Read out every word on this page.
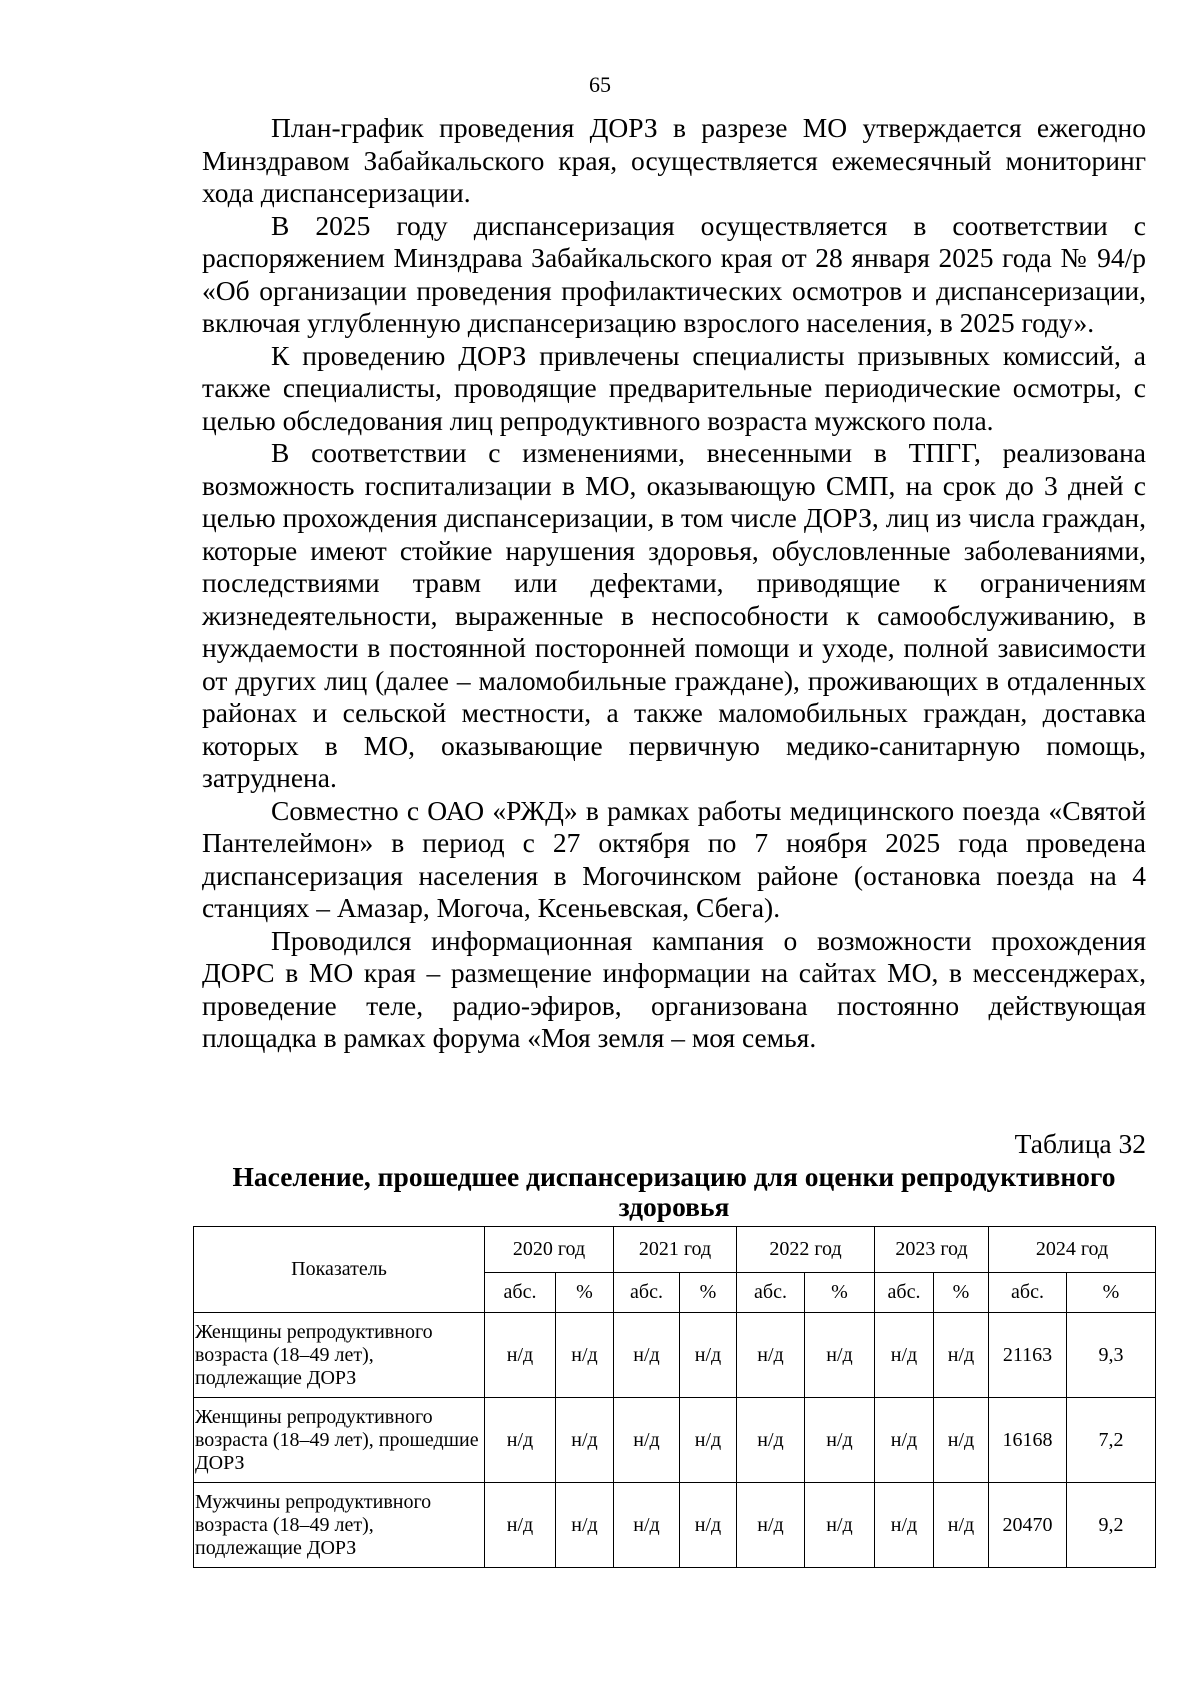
65

План-график проведения ДОРЗ в разрезе МО утверждается ежегодно Минздравом Забайкальского края, осуществляется ежемесячный мониторинг хода диспансеризации.

В 2025 году диспансеризация осуществляется в соответствии с распоряжением Минздрава Забайкальского края от 28 января 2025 года № 94/р «Об организации проведения профилактических осмотров и диспансеризации, включая углубленную диспансеризацию взрослого населения, в 2025 году».

К проведению ДОРЗ привлечены специалисты призывных комиссий, а также специалисты, проводящие предварительные периодические осмотры, с целью обследования лиц репродуктивного возраста мужского пола.

В соответствии с изменениями, внесенными в ТПГГ, реализована возможность госпитализации в МО, оказывающую СМП, на срок до 3 дней с целью прохождения диспансеризации, в том числе ДОРЗ, лиц из числа граждан, которые имеют стойкие нарушения здоровья, обусловленные заболеваниями, последствиями травм или дефектами, приводящие к ограничениям жизнедеятельности, выраженные в неспособности к самообслуживанию, в нуждаемости в постоянной посторонней помощи и уходе, полной зависимости от других лиц (далее – маломобильные граждане), проживающих в отдаленных районах и сельской местности, а также маломобильных граждан, доставка которых в МО, оказывающие первичную медико-санитарную помощь, затруднена.

Совместно с ОАО «РЖД» в рамках работы медицинского поезда «Святой Пантелеймон» в период с 27 октября по 7 ноября 2025 года проведена диспансеризация населения в Могочинском районе (остановка поезда на 4 станциях – Амазар, Могоча, Ксеньевская, Сбега).

Проводился информационная кампания о возможности прохождения ДОРС в МО края – размещение информации на сайтах МО, в мессенджерах, проведение теле, радио-эфиров, организована постоянно действующая площадка в рамках форума «Моя земля – моя семья.

Таблица 32
Население, прошедшее диспансеризацию для оценки репродуктивного здоровья
Показатель	2020 год		2021 год		2022 год		2023 год		2024 год	
	абс.	%	абс.	%	абс.	%	абс.	%	абс.	%
Женщины репродуктивного возраста (18–49 лет), подлежащие ДОРЗ	н/д	н/д	н/д	н/д	н/д	н/д	н/д	н/д	21163	9,3
Женщины репродуктивного возраста (18–49 лет), прошедшие ДОРЗ	н/д	н/д	н/д	н/д	н/д	н/д	н/д	н/д	16168	7,2
Мужчины репродуктивного возраста (18–49 лет), подлежащие ДОРЗ	н/д	н/д	н/д	н/д	н/д	н/д	н/д	н/д	20470	9,2
